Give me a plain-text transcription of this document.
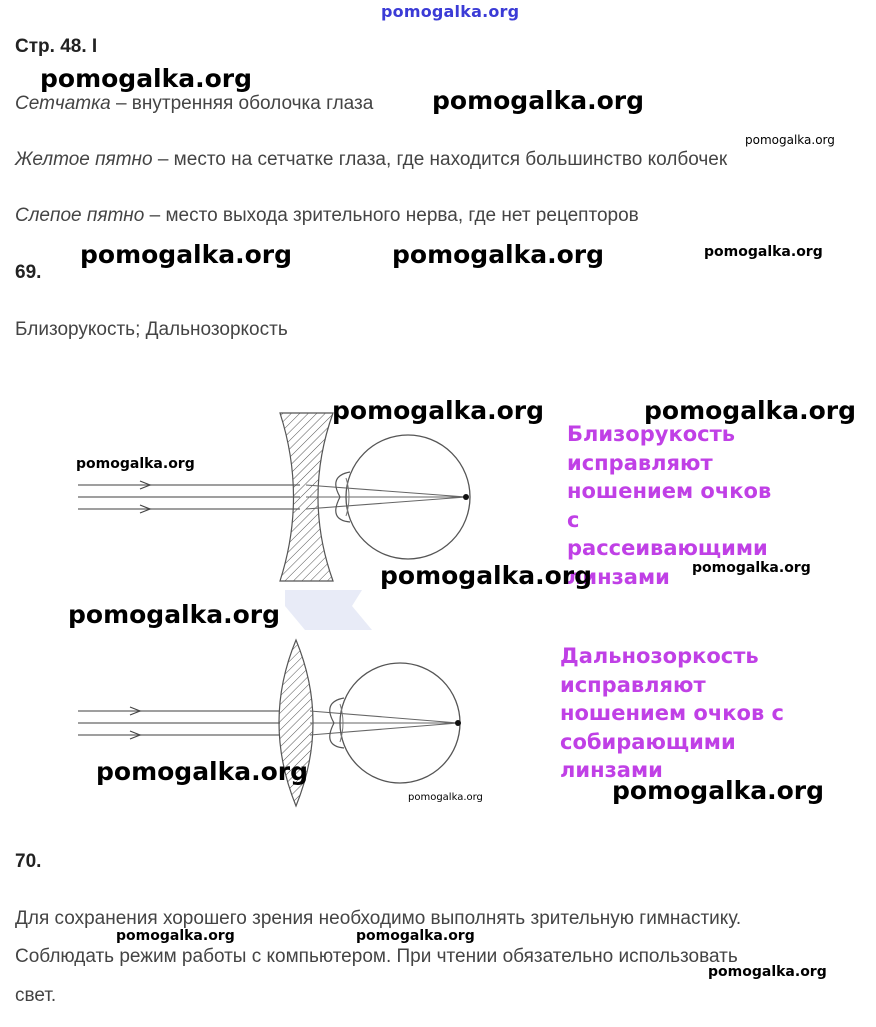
pomogalka.org
Стр. 48. I
Сетчатка – внутренняя оболочка глаза
Желтое пятно – место на сетчатке глаза, где находится большинство колбочек
Слепое пятно – место выхода зрительного нерва, где нет рецепторов
69.
Близорукость; Дальнозоркость
Близорукость
исправляют
ношением очков
с
рассеивающими
линзами
Дальнозоркость
исправляют
ношением очков с
собирающими
линзами
70.
Для сохранения хорошего зрения необходимо выполнять зрительную гимнастику.
Соблюдать режим работы с компьютером. При чтении обязательно использовать
свет.
pomogalka.org
pomogalka.org
pomogalka.org
pomogalka.org	pomogalka.org	pomogalka.org
pomogalka.org	pomogalka.org
pomogalka.org
pomogalka.org	pomogalka.org
pomogalka.org
pomogalka.org
pomogalka.org	pomogalka.org
pomogalka.org	pomogalka.org
pomogalka.org
